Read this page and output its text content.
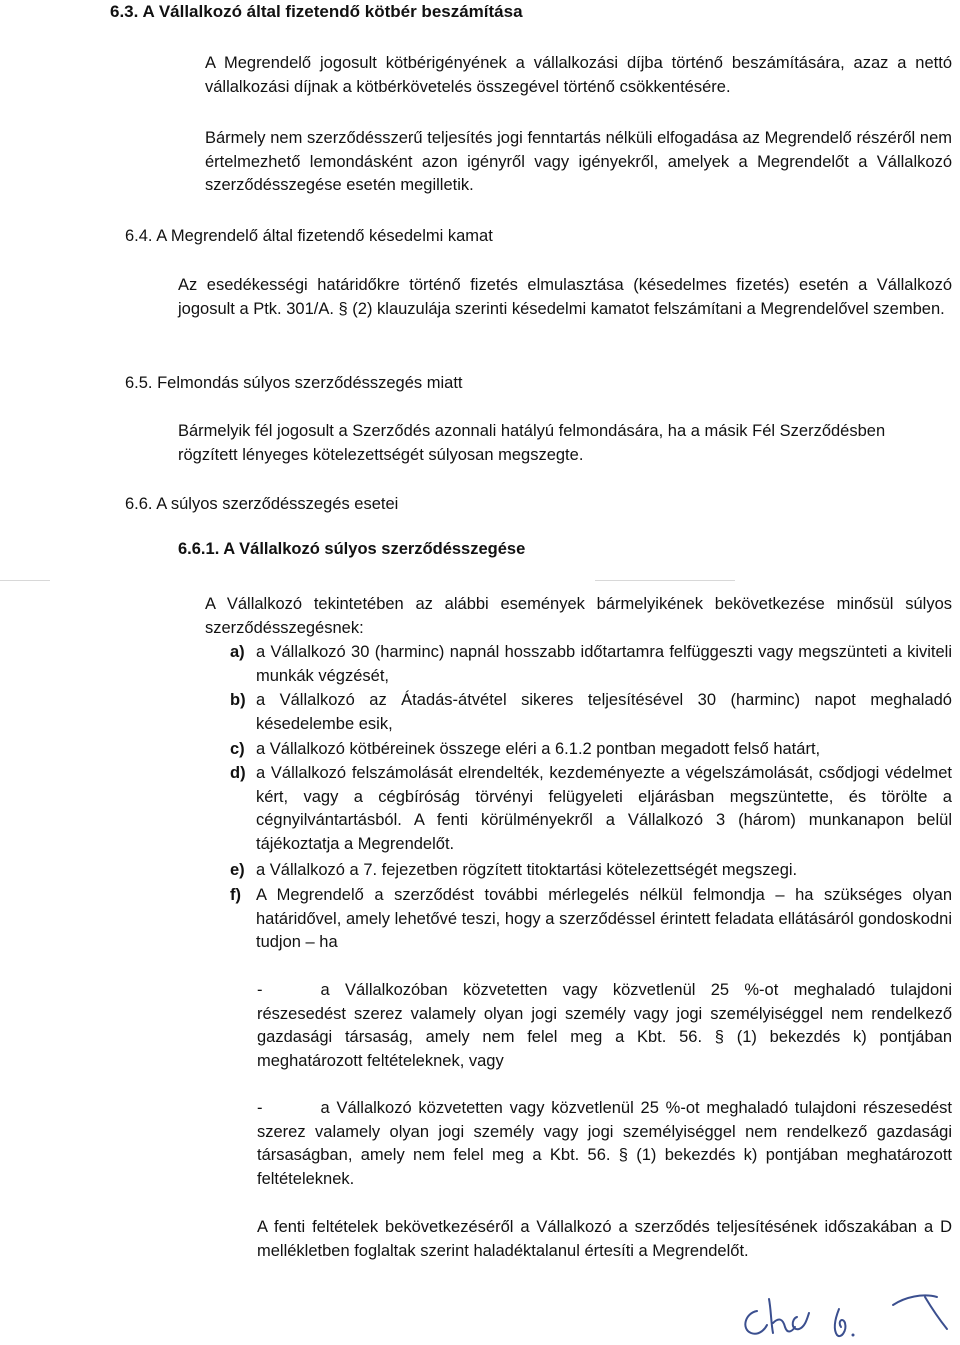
6.3. A Vállalkozó által fizetendő kötbér beszámítása

A Megrendelő jogosult kötbérigényének a vállalkozási díjba történő beszámítására, azaz a nettó vállalkozási díjnak a kötbérkövetelés összegével történő csökkentésére.

Bármely nem szerződésszerű teljesítés jogi fenntartás nélküli elfogadása az Megrendelő részéről nem értelmezhető lemondásként azon igényről vagy igényekről, amelyek a Megrendelőt a Vállalkozó szerződésszegése esetén megilletik.

6.4. A Megrendelő által fizetendő késedelmi kamat

Az esedékességi határidőkre történő fizetés elmulasztása (késedelmes fizetés) esetén a Vállalkozó jogosult a Ptk. 301/A. § (2) klauzulája szerinti késedelmi kamatot felszámítani a Megrendelővel szemben.

6.5. Felmondás súlyos szerződésszegés miatt

Bármelyik fél jogosult a Szerződés azonnali hatályú felmondására, ha a másik Fél Szerződésben rögzített lényeges kötelezettségét súlyosan megszegte.

6.6. A súlyos szerződésszegés esetei
6.6.1. A Vállalkozó súlyos szerződésszegése

A Vállalkozó tekintetében az alábbi események bármelyikének bekövetkezése minősül súlyos szerződésszegésnek:

a) a Vállalkozó 30 (harminc) napnál hosszabb időtartamra felfüggeszti vagy megszünteti a kiviteli munkák végzését,
b) a Vállalkozó az Átadás-átvétel sikeres teljesítésével 30 (harminc) napot meghaladó késedelembe esik,
c) a Vállalkozó kötbéreinek összege eléri a 6.1.2 pontban megadott felső határt,
d) a Vállalkozó felszámolását elrendelték, kezdeményezte a végelszámolását, csődjogi védelmet kért, vagy a cégbíróság törvényi felügyeleti eljárásban megszüntette, és törölte a cégnyilvántartásból. A fenti körülményekről a Vállalkozó 3 (három) munkanapon belül tájékoztatja a Megrendelőt.
e) a Vállalkozó a 7. fejezetben rögzített titoktartási kötelezettségét megszegi.
f) A Megrendelő a szerződést további mérlegelés nélkül felmondja – ha szükséges olyan határidővel, amely lehetővé teszi, hogy a szerződéssel érintett feladata ellátásáról gondoskodni tudjon – ha
-	a Vállalkozóban közvetetten vagy közvetlenül 25 %-ot meghaladó tulajdoni részesedést szerez valamely olyan jogi személy vagy jogi személyiséggel nem rendelkező gazdasági társaság, amely nem felel meg a Kbt. 56. § (1) bekezdés k) pontjában meghatározott feltételeknek, vagy
-	a Vállalkozó közvetetten vagy közvetlenül 25 %-ot meghaladó tulajdoni részesedést szerez valamely olyan jogi személy vagy jogi személyiséggel nem rendelkező gazdasági társaságban, amely nem felel meg a Kbt. 56. § (1) bekezdés k) pontjában meghatározott feltételeknek.

A fenti feltételek bekövetkezéséről a Vállalkozó a szerződés teljesítésének időszakában a D mellékletben foglaltak szerint haladéktalanul értesíti a Megrendelőt.
